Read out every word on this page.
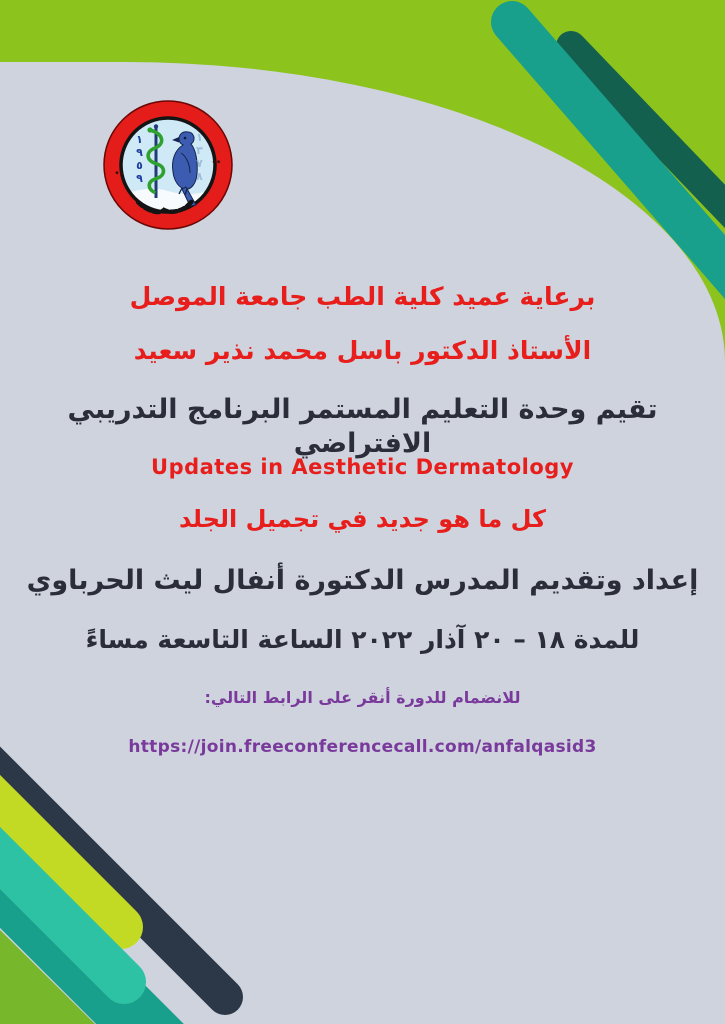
١٩٥٩	١٣٧٨
برعاية عميد كلية الطب جامعة الموصل
الأستاذ الدكتور باسل محمد نذير سعيد
تقيم وحدة التعليم المستمر البرنامج التدريبي الافتراضي
Updates in Aesthetic Dermatology
كل ما هو جديد في تجميل الجلد
إعداد وتقديم المدرس الدكتورة أنفال ليث الحرباوي
للمدة ١٨ – ٢٠ آذار ٢٠٢٢ الساعة التاسعة مساءً
للانضمام للدورة أنقر على الرابط التالي:
https://join.freeconferencecall.com/anfalqasid3
